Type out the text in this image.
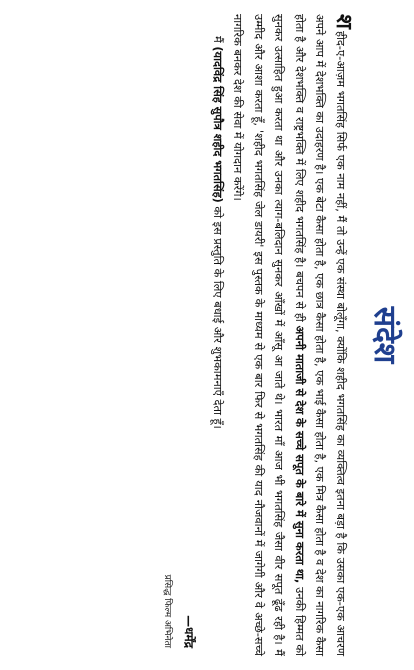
संदेश

शहीद-ए-आज़म भगतसिंह सिर्फ एक नाम नहीं, मैं तो उन्हें एक संस्था बोलूँगा, क्योंकि शहीद भगतसिंह का व्यक्तित्व इतना बड़ा है कि उसका एक-एक आचरण अपने आप में देशभक्ति का उदाहरण है। एक बेटा कैसा होता है, एक छात्र कैसा होता है, एक भाई कैसा होता है, एक मित्र कैसा होता है व देश का नागरिक कैसा होता है और देशभक्ति व राष्ट्रभक्ति में लिए शहीद भगतसिंह है। बचपन से ही अपनी माताजी से देश के सच्चे सपूत के बारे में सुना करता था, उनकी हिम्मत को सुनकर उत्साहित हुआ करता था और उनका त्याग-बलिदान सुनकर आँखों में आँसू आ जाते थे। भारत माँ आज भी भगतसिंह जैसा वीर सपूत ढूँढ रही है। मैं उम्मीद और आशा करता हूँ, 'शहीद भगतसिंह जेल डायरी' इस पुस्तक के माध्यम से एक बार फिर से भगतसिंह की याद नौजवानों में जागेगी और वे अच्छे-सच्चे नागरिक बनकर देश की सेवा में योगदान करेंगे।

मैं (यादविंद्र सिंह सुपौत्र शहीद भगतसिंह) को इस प्रस्तुति के लिए बधाई और शुभकामनाएँ देता हूँ।

—धर्मेंद्र
प्रसिद्ध फिल्म अभिनेता
